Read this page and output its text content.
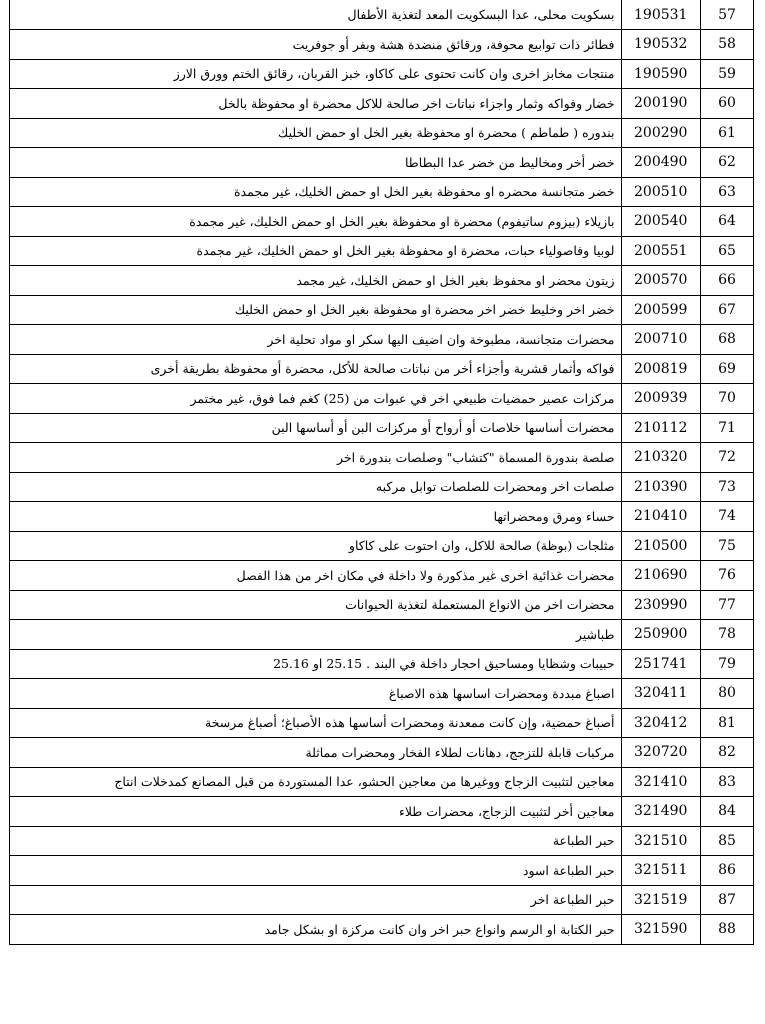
بسكويت محلى، عدا البسكويت المعد لتغذية الأطفال	190531	57
فطائر ذات توابيع محوفة، ورقائق منضدة هشة وبفر أو جوفريت	190532	58
منتجات مخابز اخرى وان كانت تحتوى على كاكاو، خبز القربان، رقائق الختم وورق الارز	190590	59
خضار وفواكه وثمار واجزاء نباتات اخر صالحة للاكل محضرة او محفوظة بالخل	200190	60
بندوره ( طماطم ) محضرة او محفوظة بغير الخل او حمض الخليك	200290	61
خضر أخر ومخاليط من خضر عدا البطاطا	200490	62
خضر متجانسة محضره او محفوظة بغير الخل او حمض الخليك، غير مجمدة	200510	63
بازيلاء (بيزوم ساتيفوم) محضرة او محفوظة بغير الخل او حمض الخليك، غير مجمدة	200540	64
لوبيا وفاصولياء حبات، محضرة او محفوظة بغير الخل او حمض الخليك، غير مجمدة	200551	65
زيتون محضر او محفوظ بغير الخل او حمض الخليك، غير مجمد	200570	66
خضر اخر وخليط خضر اخر محضرة او محفوظة بغير الخل او حمض الخليك	200599	67
محضرات متجانسة، مطبوخة وان اضيف اليها سكر او مواد تحلية اخر	200710	68
فواكه وأثمار قشرية وأجزاء أخر من نباتات صالحة للأكل، محضرة أو محفوظة بطريقة أخرى	200819	69
مركزات عصير حمضيات طبيعي اخر في عبوات من (25) كغم فما فوق، غير مختمر	200939	70
محضرات أساسها خلاصات أو أرواح أو مركزات البن أو أساسها البن	210112	71
صلصة بندورة المسماة "كتشاب" وصلصات بندورة اخر	210320	72
صلصات اخر ومحضرات للصلصات توابل مركبه	210390	73
حساء ومرق ومحضراتها	210410	74
مثلجات (بوظة) صالحة للاكل، وان احتوت على كاكاو	210500	75
محضرات غذائية اخرى غير مذكورة ولا داخلة في مكان اخر من هذا الفصل	210690	76
محضرات اخر من الانواع المستعملة لتغذية الحيوانات	230990	77
طباشير	250900	78
حبيبات وشظايا ومساحيق احجار داخلة في البند . 25.15 او 25.16	251741	79
اصباغ مبددة ومحضرات اساسها هذه الاصباغ	320411	80
أصباغ حمضية، وإن كانت ممعدنة ومحضرات أساسها هذه الأصباغ؛ أصباغ مرسخة	320412	81
مركبات قابلة للتزجج، دهانات لطلاء الفخار ومحضرات مماثلة	320720	82
معاجين لتثبيت الزجاج ووغيرها من معاجين الحشو، عدا المستوردة من قبل المصانع كمدخلات انتاج	321410	83
معاجين أخر لتثبيت الزجاج، محضرات طلاء	321490	84
حبر الطباعة	321510	85
حبر الطباعة اسود	321511	86
حبر الطباعة اخر	321519	87
حبر الكتابة او الرسم وانواع حبر اخر وان كانت مركزة او بشكل جامد	321590	88
